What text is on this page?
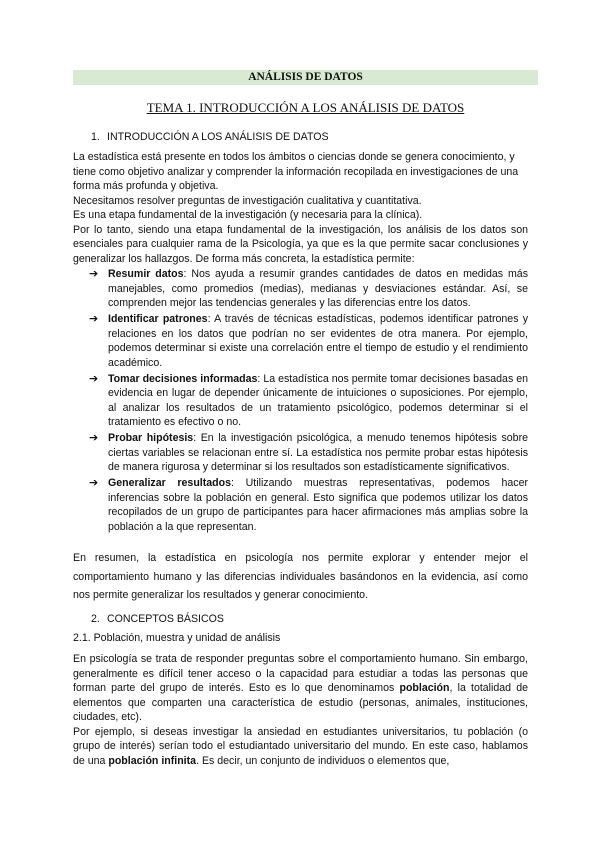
ANÁLISIS DE DATOS
TEMA 1. INTRODUCCIÓN A LOS ANÁLISIS DE DATOS
1. INTRODUCCIÓN A LOS ANÁLISIS DE DATOS

La estadística está presente en todos los ámbitos o ciencias donde se genera conocimiento, y tiene como objetivo analizar y comprender la información recopilada en investigaciones de una forma más profunda y objetiva.

Necesitamos resolver preguntas de investigación cualitativa y cuantitativa.

Es una etapa fundamental de la investigación (y necesaria para la clínica).

Por lo tanto, siendo una etapa fundamental de la investigación, los análisis de los datos son esenciales para cualquier rama de la Psicología, ya que es la que permite sacar conclusiones y generalizar los hallazgos. De forma más concreta, la estadística permite:

➔ Resumir datos: Nos ayuda a resumir grandes cantidades de datos en medidas más manejables, como promedios (medias), medianas y desviaciones estándar. Así, se comprenden mejor las tendencias generales y las diferencias entre los datos.
➔ Identificar patrones: A través de técnicas estadísticas, podemos identificar patrones y relaciones en los datos que podrían no ser evidentes de otra manera. Por ejemplo, podemos determinar si existe una correlación entre el tiempo de estudio y el rendimiento académico.
➔ Tomar decisiones informadas: La estadística nos permite tomar decisiones basadas en evidencia en lugar de depender únicamente de intuiciones o suposiciones. Por ejemplo, al analizar los resultados de un tratamiento psicológico, podemos determinar si el tratamiento es efectivo o no.
➔ Probar hipótesis: En la investigación psicológica, a menudo tenemos hipótesis sobre ciertas variables se relacionan entre sí. La estadística nos permite probar estas hipótesis de manera rigurosa y determinar si los resultados son estadísticamente significativos.
➔ Generalizar resultados: Utilizando muestras representativas, podemos hacer inferencias sobre la población en general. Esto significa que podemos utilizar los datos recopilados de un grupo de participantes para hacer afirmaciones más amplias sobre la población a la que representan.

En resumen, la estadística en psicología nos permite explorar y entender mejor el comportamiento humano y las diferencias individuales basándonos en la evidencia, así como nos permite generalizar los resultados y generar conocimiento.

2. CONCEPTOS BÁSICOS
2.1. Población, muestra y unidad de análisis

En psicología se trata de responder preguntas sobre el comportamiento humano. Sin embargo, generalmente es difícil tener acceso o la capacidad para estudiar a todas las personas que forman parte del grupo de interés. Esto es lo que denominamos población, la totalidad de elementos que comparten una característica de estudio (personas, animales, instituciones, ciudades, etc).

Por ejemplo, si deseas investigar la ansiedad en estudiantes universitarios, tu población (o grupo de interés) serían todo el estudiantado universitario del mundo. En este caso, hablamos de una población infinita. Es decir, un conjunto de individuos o elementos que,
